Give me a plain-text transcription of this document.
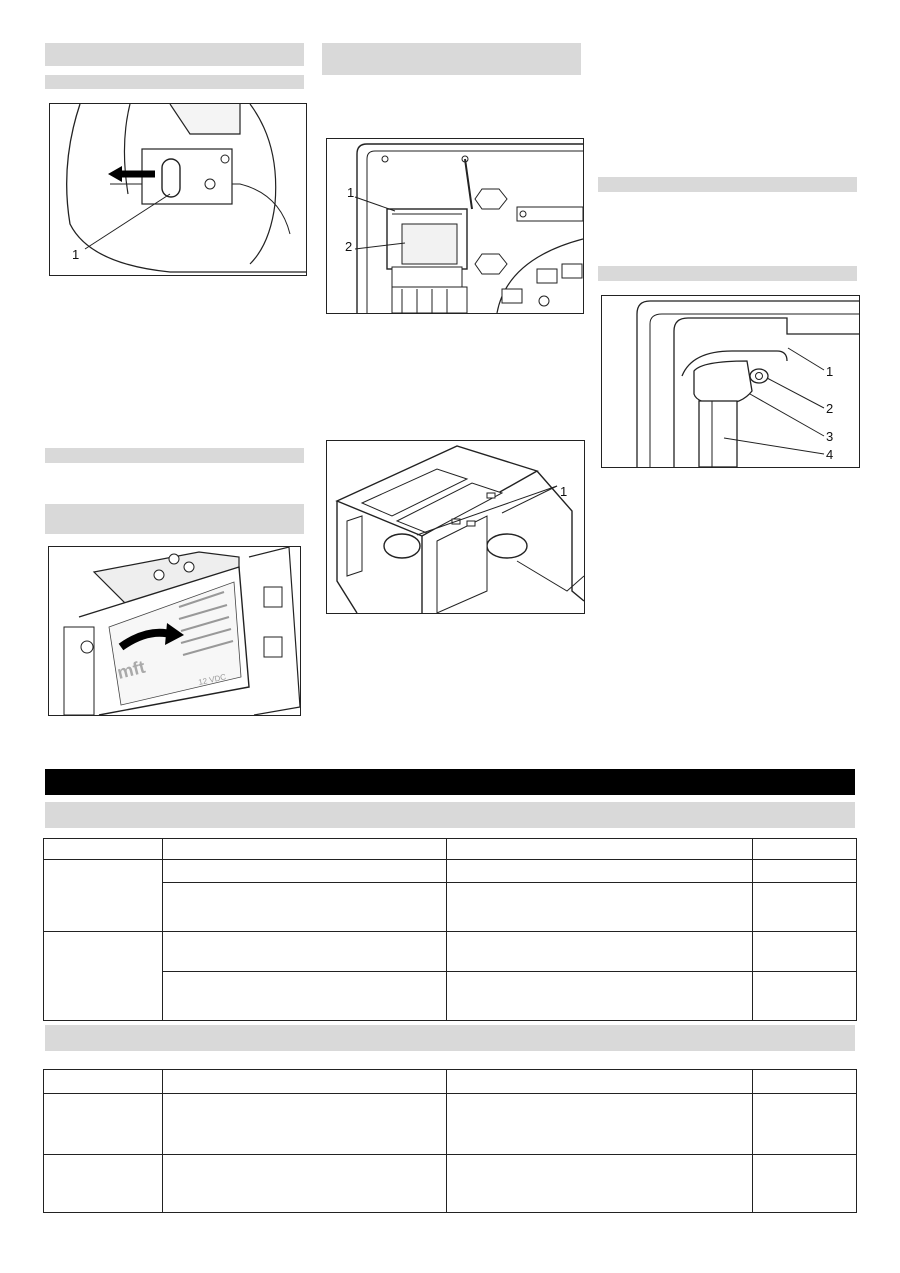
1
mft	12 VDC
1
2
1
1
2
3
4
